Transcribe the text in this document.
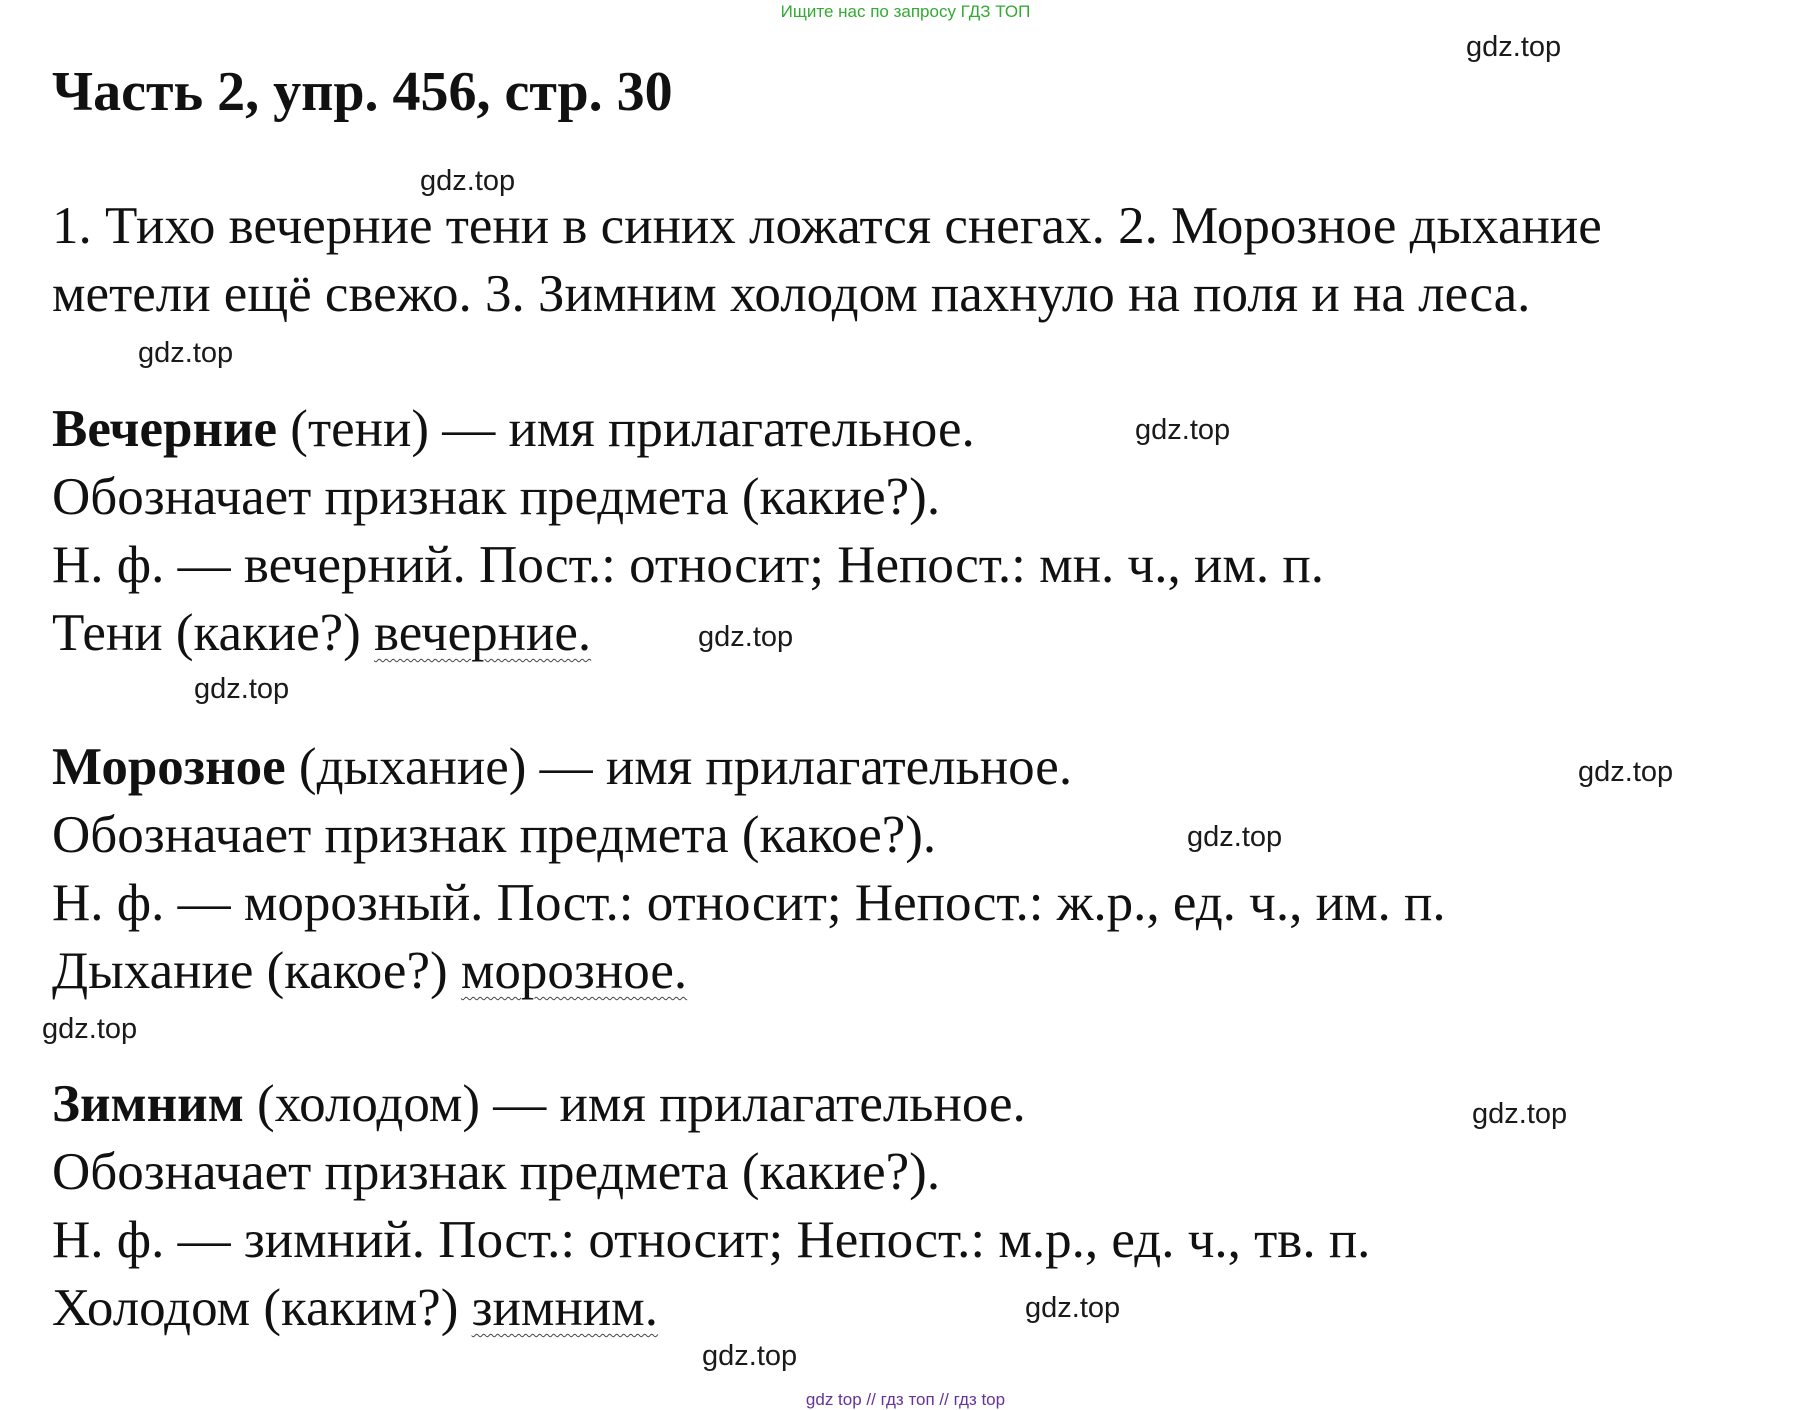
Ищите нас по запросу ГДЗ ТОП
gdz top // гдз топ // гдз top
Часть 2, упр. 456, стр. 30
1. Тихо вечерние тени в синих ложатся снегах. 2. Морозное дыхание
метели ещё свежо. 3. Зимним холодом пахнуло на поля и на леса.
Вечерние (тени) — имя прилагательное.
Обозначает признак предмета (какие?).
Н. ф. — вечерний. Пост.: относит; Непост.: мн. ч., им. п.
Тени (какие?) вечерние.
Морозное (дыхание) — имя прилагательное.
Обозначает признак предмета (какое?).
Н. ф. — морозный. Пост.: относит; Непост.: ж.р., ед. ч., им. п.
Дыхание (какое?) морозное.
Зимним (холодом) — имя прилагательное.
Обозначает признак предмета (какие?).
Н. ф. — зимний. Пост.: относит; Непост.: м.р., ед. ч., тв. п.
Холодом (каким?) зимним.
gdz.top
gdz.top
gdz.top
gdz.top
gdz.top
gdz.top
gdz.top
gdz.top
gdz.top
gdz.top
gdz.top
gdz.top
